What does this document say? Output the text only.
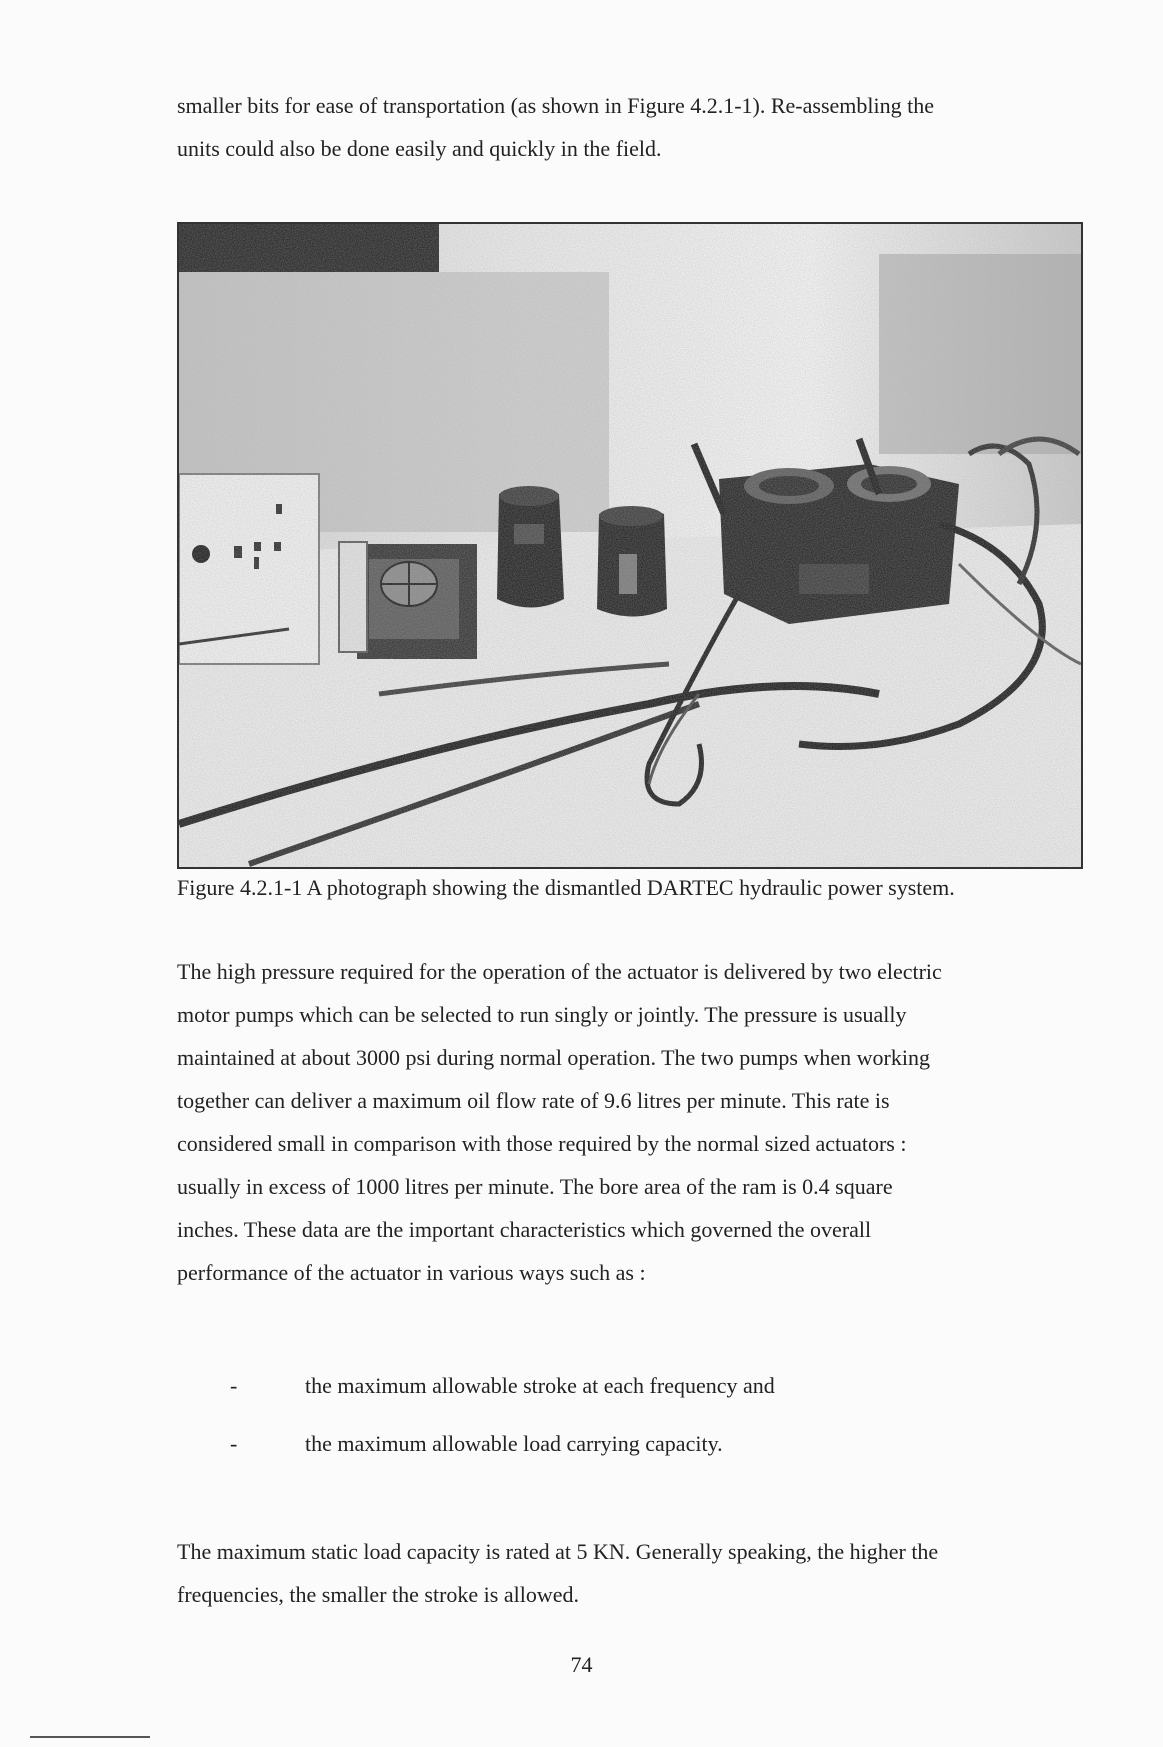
smaller bits for ease of transportation (as shown in Figure 4.2.1-1). Re-assembling the
units could also be done easily and quickly in the field.

Figure 4.2.1-1 A photograph showing the dismantled DARTEC hydraulic power system.

The high pressure required for the operation of the actuator is delivered by two electric
motor pumps which can be selected to run singly or jointly. The pressure is usually
maintained at about 3000 psi during normal operation. The two pumps when working
together can deliver a maximum oil flow rate of 9.6 litres per minute. This rate is
considered small in comparison with those required by the normal sized actuators :
usually in excess of 1000 litres per minute. The bore area of the ram is 0.4 square
inches. These data are the important characteristics which governed the overall
performance of the actuator in various ways such as :

-	the maximum allowable stroke at each frequency and
-	the maximum allowable load carrying capacity.

The maximum static load capacity is rated at 5 KN. Generally speaking, the higher the
frequencies, the smaller the stroke is allowed.

74
